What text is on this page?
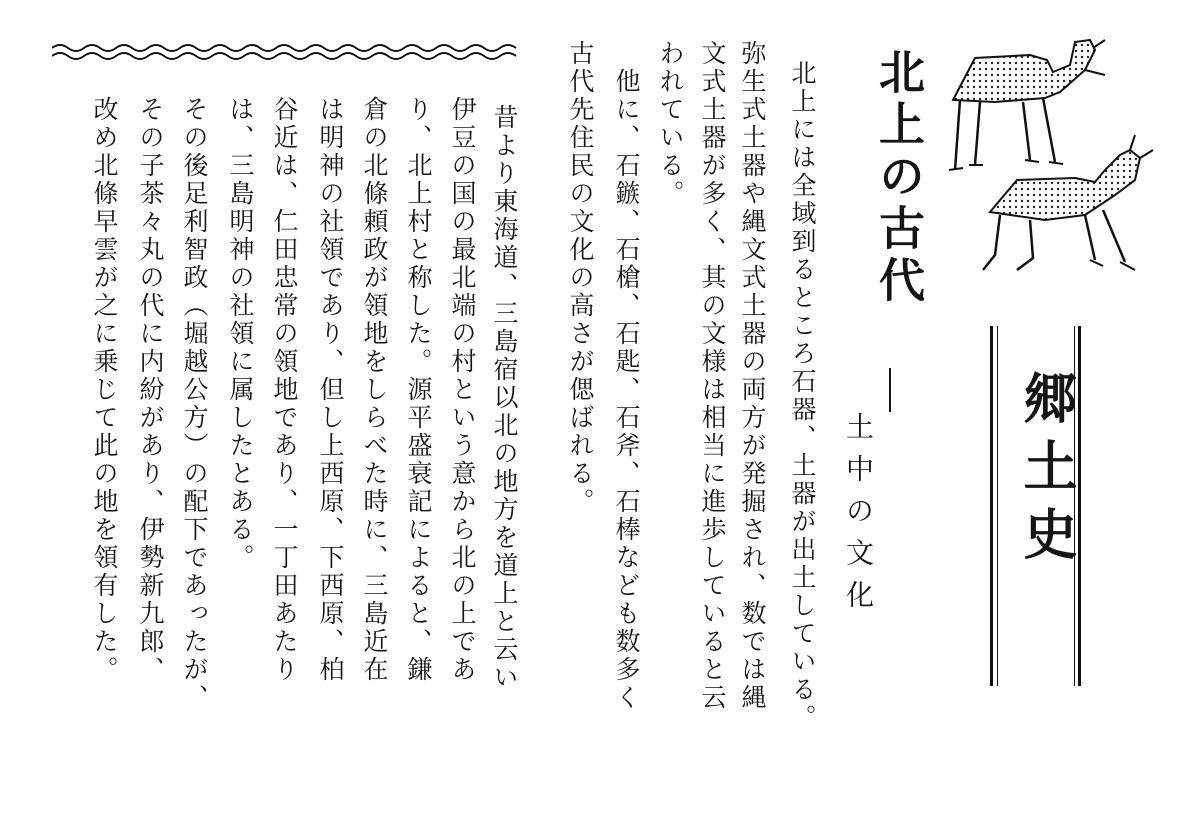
郷土史
北上の古代
土中の文化
北上には全域到るところ石器、土器が出土している。
弥生式土器や縄文式土器の両方が発掘され、数では縄
文式土器が多く、其の文様は相当に進歩していると云
われている。
他に、石鏃、石槍、石匙、石斧、石棒なども数多く
古代先住民の文化の高さが偲ばれる。
昔より東海道、三島宿以北の地方を道上と云い
伊豆の国の最北端の村という意から北の上であ
り、北上村と称した。源平盛衰記によると、鎌
倉の北條頼政が領地をしらべた時に、三島近在
は明神の社領であり、但し上西原、下西原、柏
谷近は、仁田忠常の領地であり、一丁田あたり
は、三島明神の社領に属したとある。
その後足利智政（堀越公方）の配下であったが、
その子茶々丸の代に内紛があり、伊勢新九郎、
改め北條早雲が之に乗じて此の地を領有した。
